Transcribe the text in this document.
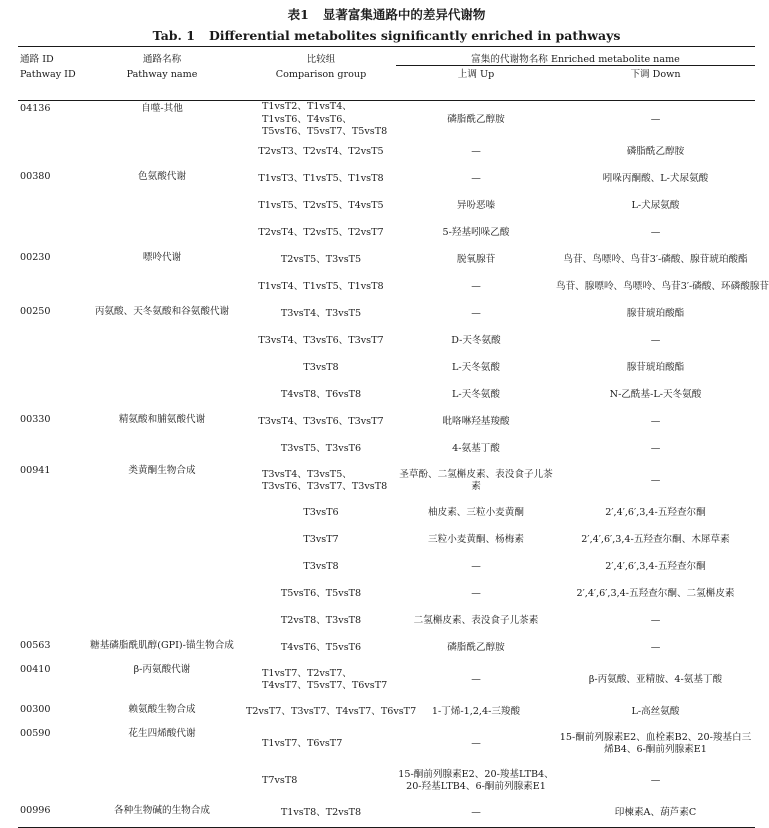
表1 显著富集通路中的差异代谢物
Tab. 1 Differential metabolites significantly enriched in pathways
通路 ID	通路名称	比较组	富集的代谢物名称 Enriched metabolite name	
Pathway ID	Pathway name	Comparison group	上调 Up	下调 Down

04136	自噬-其他	T1vsT2、T1vsT4、T1vsT6、T4vsT6、T5vsT6、T5vsT7、T5vsT8	磷脂酰乙醇胺	—
		T2vsT3、T2vsT4、T2vsT5	—	磷脂酰乙醇胺
00380	色氨酸代谢	T1vsT3、T1vsT5、T1vsT8	—	吲哚丙酮酸、L-犬尿氨酸
		T1vsT5、T2vsT5、T4vsT5	异吩恶嗪	L-犬尿氨酸
		T2vsT4、T2vsT5、T2vsT7	5-羟基吲哚乙酸	—
00230	嘌呤代谢	T2vsT5、T3vsT5	脱氧腺苷	鸟苷、鸟嘌呤、鸟苷3′-磷酸、腺苷琥珀酸酯
		T1vsT4、T1vsT5、T1vsT8	—	鸟苷、腺嘌呤、鸟嘌呤、鸟苷3′-磷酸、环磷酸腺苷
00250	丙氨酸、天冬氨酸和谷氨酸代谢	T3vsT4、T3vsT5	—	腺苷琥珀酸酯
		T3vsT4、T3vsT6、T3vsT7	D-天冬氨酸	—
		T3vsT8	L-天冬氨酸	腺苷琥珀酸酯
		T4vsT8、T6vsT8	L-天冬氨酸	N-乙酰基-L-天冬氨酸
00330	精氨酸和脯氨酸代谢	T3vsT4、T3vsT6、T3vsT7	吡咯啉羟基羧酸	—
		T3vsT5、T3vsT6	4-氨基丁酸	—
00941	类黄酮生物合成	T3vsT4、T3vsT5、T3vsT6、T3vsT7、T3vsT8	圣草酚、二氢槲皮素、表没食子儿茶素	—
		T3vsT6	柚皮素、三粒小麦黄酮	2′,4′,6′,3,4-五羟查尔酮
		T3vsT7	三粒小麦黄酮、杨梅素	2′,4′,6′,3,4-五羟查尔酮、木犀草素
		T3vsT8	—	2′,4′,6′,3,4-五羟查尔酮
		T5vsT6、T5vsT8	—	2′,4′,6′,3,4-五羟查尔酮、二氢槲皮素
		T2vsT8、T3vsT8	二氢槲皮素、表没食子儿茶素	—
00563	糖基磷脂酰肌醇(GPI)-锚生物合成	T4vsT6、T5vsT6	磷脂酰乙醇胺	—
00410	β-丙氨酸代谢	T1vsT7、T2vsT7、T4vsT7、T5vsT7、T6vsT7	—	β-丙氨酸、亚精胺、4-氨基丁酸
00300	赖氨酸生物合成	T2vsT7、T3vsT7、T4vsT7、T6vsT7	1-丁烯-1,2,4-三羧酸	L-高丝氨酸
00590	花生四烯酸代谢	T1vsT7、T6vsT7	—	15-酮前列腺素E2、血栓素B2、20-羧基白三烯B4、6-酮前列腺素E1
		T7vsT8	15-酮前列腺素E2、20-羧基LTB4、20-羟基LTB4、6-酮前列腺素E1	—
00996	各种生物碱的生物合成	T1vsT8、T2vsT8	—	印楝素A、葫芦素C
